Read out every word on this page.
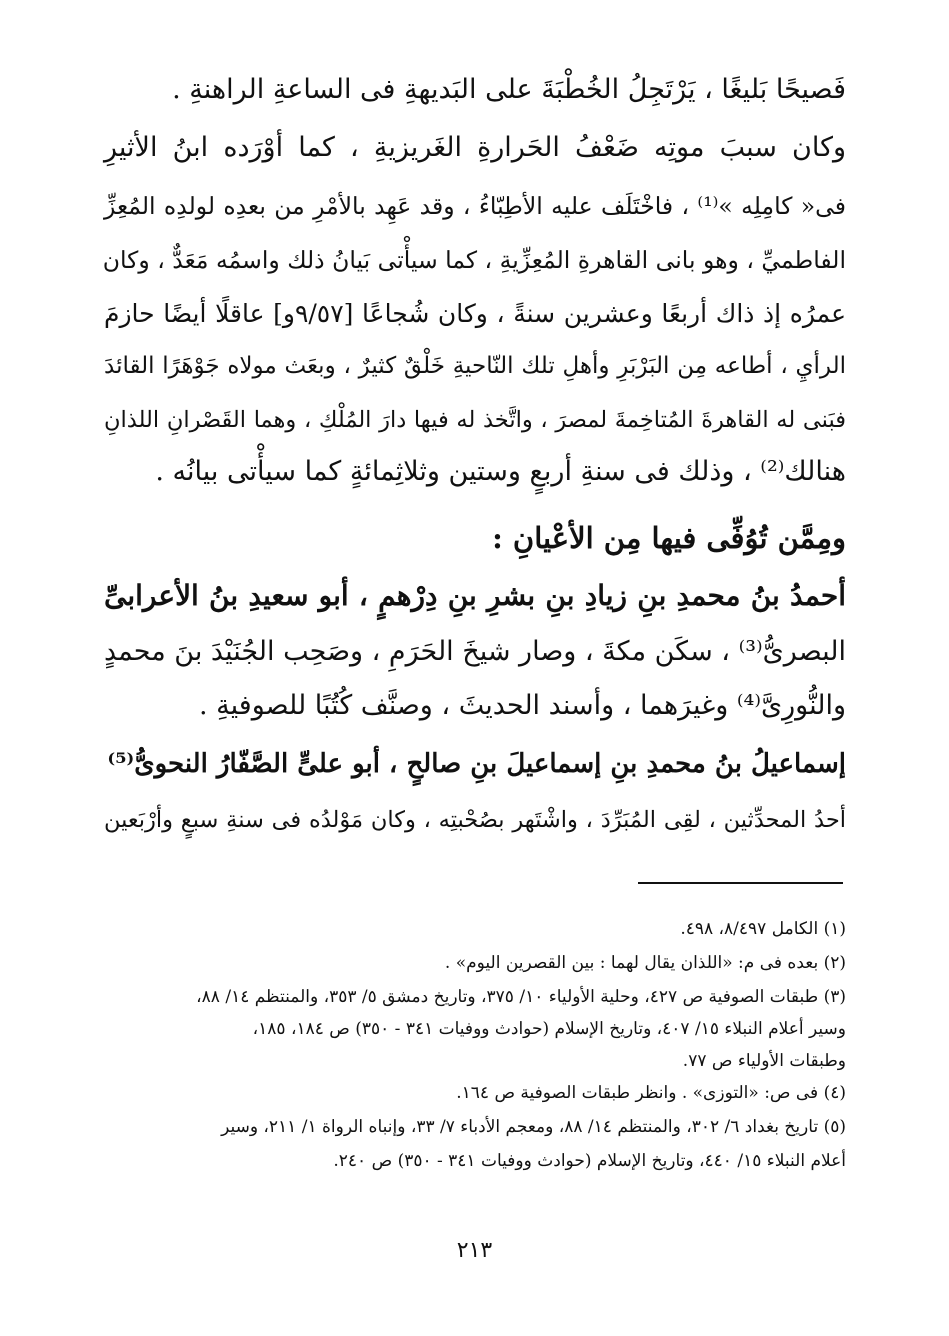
فَصيحًا بَليغًا ، يَرْتَجِلُ الخُطْبَةَ على البَديهةِ فى الساعةِ الراهنةِ .
وكان سببَ موتِه ضَعْفُ الحَرارةِ الغَريزيةِ ، كما أوْرَده ابنُ الأثيرِ
فى« كامِلِه »⁽¹⁾ ، فاخْتَلَف عليه الأطِبّاءُ ، وقد عَهِد بالأمْرِ من بعدِه لولدِه المُعِزِّ
الفاطميِّ ، وهو بانى القاهرةِ المُعِزِّيةِ ، كما سيأْتى بَيانُ ذلك واسمُه مَعَدٌّ ، وكان
عمرُه إذ ذاك أربعًا وعشرين سنةً ، وكان شُجاعًا [٩/٥٧و] عاقلًا أيضًا حازمَ
الرأيِ ، أطاعه مِن البَرْبَرِ وأهلِ تلك النّاحيةِ خَلْقٌ كثيرٌ ، وبعَث مولاه جَوْهَرًا القائدَ
فبَنى له القاهرةَ المُتاخِمةَ لمصرَ ، واتَّخذ له فيها دارَ المُلْكِ ، وهما القَصْرانِ اللذانِ
هنالك⁽²⁾ ، وذلك فى سنةِ أربعٍ وستين وثلاثِمائةٍ كما سيأْتى بيانُه .
ومِمَّن تُوُفِّى فيها مِن الأعْيانِ :
أحمدُ بنُ محمدِ بنِ زيادِ بنِ بشرِ بنِ دِرْهمٍ ، أبو سعيدِ بنُ الأعرابىِّ
البصرىُّ⁽³⁾ ، سكَن مكةَ ، وصار شيخَ الحَرَمِ ، وصَحِب الجُنَيْدَ بنَ محمدٍ
والنُّورِىَّ⁽⁴⁾ وغيرَهما ، وأسند الحديثَ ، وصنَّف كُتُبًا للصوفيةِ .
إسماعيلُ بنُ محمدِ بنِ إسماعيلَ بنِ صالحٍ ، أبو علىٍّ الصَّفّارُ النحوىُّ⁽⁵⁾
أحدُ المحدِّثين ، لقِى المُبَرِّدَ ، واشْتَهر بصُحْبتِه ، وكان مَوْلدُه فى سنةِ سبعٍ وأرْبَعين
(١) الكامل ٨/٤٩٧، ٤٩٨.
(٢) بعده فى م: «اللذان يقال لهما : بين القصرين اليوم» .
(٣) طبقات الصوفية ص ٤٢٧، وحلية الأولياء ١٠/ ٣٧٥، وتاريخ دمشق ٥/ ٣٥٣، والمنتظم ١٤/ ٨٨،
وسير أعلام النبلاء ١٥/ ٤٠٧، وتاريخ الإسلام (حوادث ووفيات ٣٤١ - ٣٥٠) ص ١٨٤، ١٨٥،
وطبقات الأولياء ص ٧٧.
(٤) فى ص: «التوزى» . وانظر طبقات الصوفية ص ١٦٤.
(٥) تاريخ بغداد ٦/ ٣٠٢، والمنتظم ١٤/ ٨٨، ومعجم الأدباء ٧/ ٣٣، وإنباه الرواة ١/ ٢١١، وسير
أعلام النبلاء ١٥/ ٤٤٠، وتاريخ الإسلام (حوادث ووفيات ٣٤١ - ٣٥٠) ص ٢٤٠.
٢١٣
